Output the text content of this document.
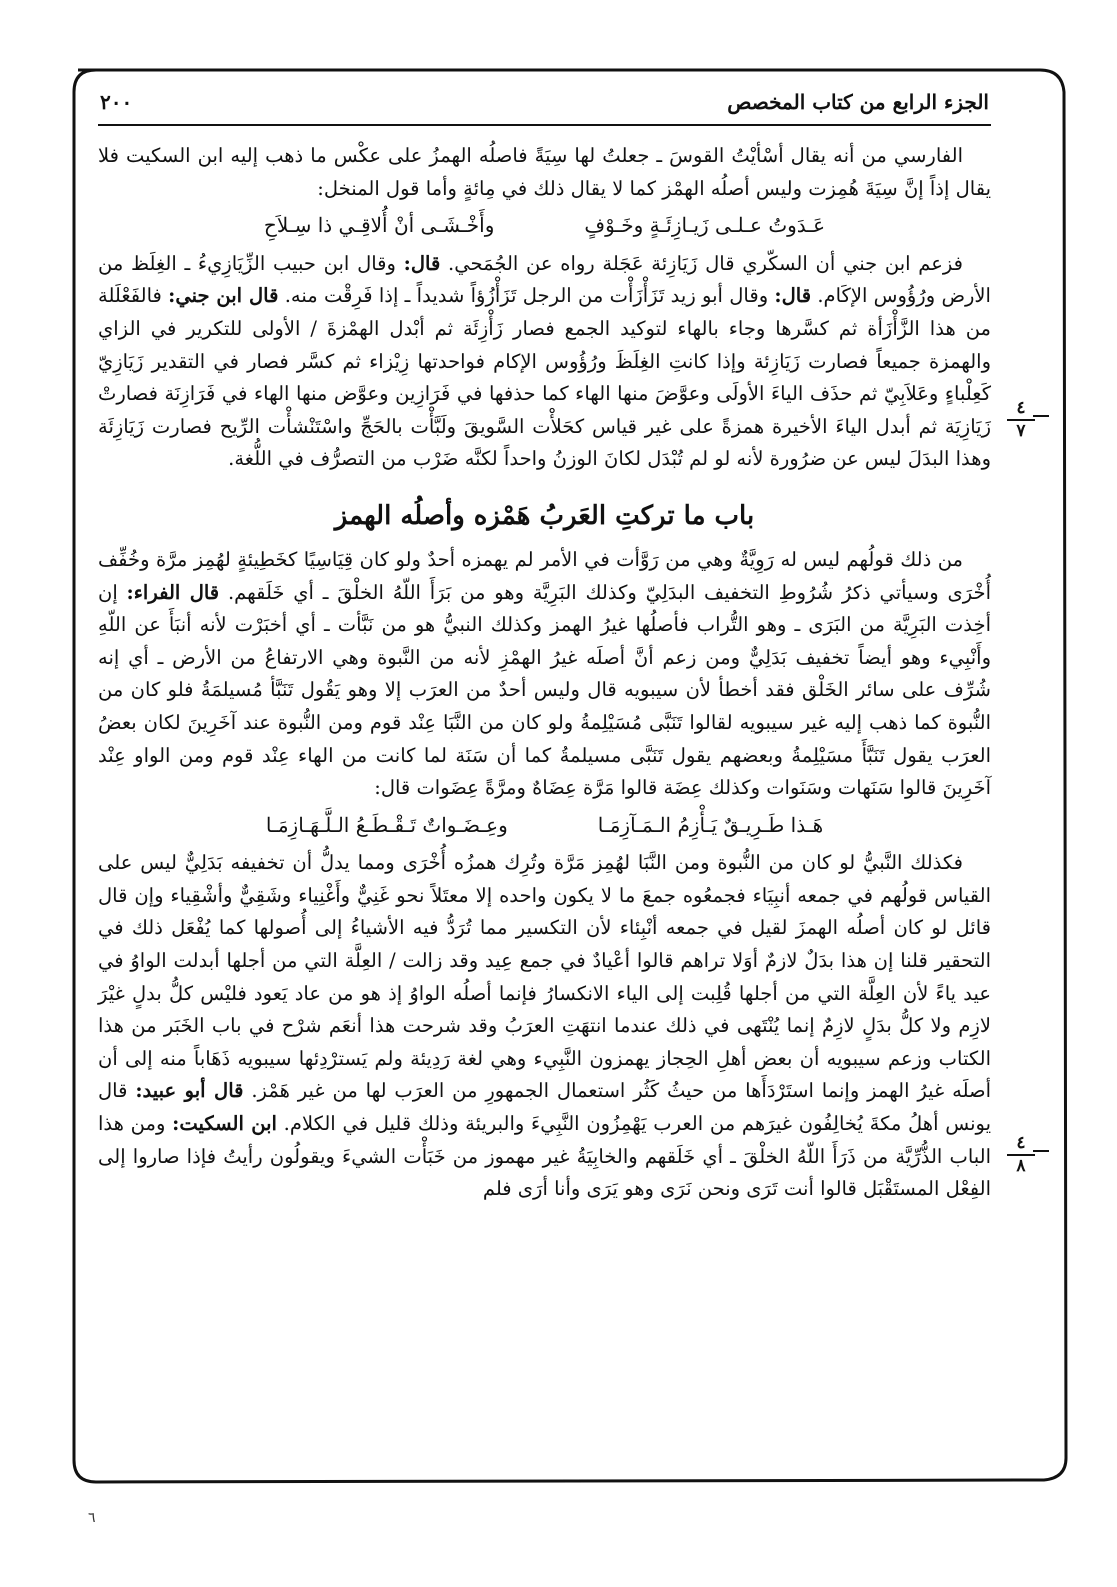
الجزء الرابع من كتاب المخصص
٢٠٠

الفارسي من أنه يقال أسْأيْتُ القوسَ ـ جعلتُ لها سِيَةً فاصلُه الهمزُ على عكْس ما ذهب إليه ابن السكيت فلا يقال إذاً إنَّ سِيَةَ هُمِزت وليس أصلُه الهمْز كما لا يقال ذلك في مِائةٍ وأما قول المنخل:

عَـدَوتُ عـلـى زَيـازِئَـةٍ وخَـوْفٍ
وأَخْـشَـى أنْ أُلاقِـي ذا سِـلاَحِ

فزعم ابن جني أن السكّري قال زَيَازِئة عَجَلة رواه عن الجُمَحي. قال: وقال ابن حبيب الزِّيَازِيءُ ـ الغِلَظ من الأرض ورُؤُوس الإكَام. قال: وقال أبو زيد تَزَأْزَأْت من الرجل تَزَأْزُؤاً شديداً ـ إذا فَرِقْت منه. قال ابن جني: فالفَعْلَلة من هذا الزَّأْزَأة ثم كسَّرها وجاء بالهاء لتوكيد الجمع فصار زَأْزِئَة ثم أبْدل الهمْزةَ / الأولى للتكرير في الزاي والهمزة جميعاً فصارت زَيَازِئة وإذا كانتِ الغِلَظَ ورُؤُوس الإكام فواحدتها زِيْزاء ثم كسَّر فصار في التقدير زَيَازِيّ كَعِلْباءٍ وعَلاَبِيّ ثم حذَف الياءَ الأولَى وعوَّضَ منها الهاء كما حذفها في فَرَازِين وعوَّض منها الهاء في فَرَازِنَة فصارتْ زَيَازِيَة ثم أبدل الياءَ الأخيرة همزةً على غير قياس كحَلأْت السَّويقَ ولَبَّأْت بالحَجِّ واسْتَنْشأْت الرِّيح فصارت زَيَازِئَة وهذا البدَلَ ليس عن ضرُورة لأنه لو لم تُبْدَل لكانَ الوزنُ واحداً لكنَّه ضَرْب من التصرُّف في اللُّغة.

باب ما تركتِ العَربُ هَمْزه وأصلُه الهمز

من ذلك قولُهم ليس له رَوِيَّةٌ وهي من رَوَّأت في الأمر لم يهمزه أحدٌ ولو كان قِيَاسِيًا كخَطِيئةٍ لهُمِز مرَّة وخُفِّف أُخْرَى وسيأتي ذكرُ شُرُوطِ التخفيف البدَلِيّ وكذلك البَرِيَّة وهو من بَرَأَ اللّهُ الخلْقَ ـ أي خَلَقهم. قال الفراء: إن أخِذت البَرِيَّة من البَرَى ـ وهو التُّراب فأصلُها غيرُ الهمز وكذلك النبيُّ هو من نَبَّأت ـ أي أخبَرْت لأنه أنبَأَ عن اللّهِ وأَنْبِيء وهو أيضاً تخفيف بَدَلِيٌّ ومن زعم أنَّ أصلَه غيرُ الهمْزِ لأنه من النَّبوة وهي الارتفاعُ من الأرض ـ أي إنه شُرِّف على سائر الخَلْق فقد أخطأ لأن سيبويه قال وليس أحدٌ من العرَب إلا وهو يَقُول تَنَبَّأ مُسيلمَةُ فلو كان من النُّبوة كما ذهب إليه غير سيبويه لقالوا تَنَبَّى مُسَيْلِمةُ ولو كان من النَّبَا عِنْد قوم ومن النُّبوة عند آخَرِينَ لكان بعضُ العرَب يقول تَنَبَّأَ مسَيْلِمةُ وبعضهم يقول تَنَبَّى مسيلمةُ كما أن سَنَة لما كانت من الهاء عِنْد قوم ومن الواو عِنْد آخَرِينَ قالوا سَنَهات وسَنَوات وكذلك عِضَة قالوا مَرَّة عِضَاهٌ ومرَّةً عِضَوات قال:

هَـذا طَـرِيـقٌ يَـأْزِمُ الـمَـآزِمَـا
وعِـضَـواتٌ تَـقْـطَـعُ الـلَّـهَـازِمَـا

فكذلك النَّبيُّ لو كان من النُّبوة ومن النَّبَا لهُمِز مَرَّة وتُرِك همزُه أُخْرَى ومما يدلُّ أن تخفيفه بَدَلِيٌّ ليس على القياس قولُهم في جمعه أنبِيَاء فجمعُوه جمعَ ما لا يكون واحده إلا معتَلاً نحو غَنِيٌّ وأَغْنِياء وشَقِيٌّ وأشْقِياء وإن قال قائل لو كان أصلُه الهمزَ لقيل في جمعه أنْبِئاء لأن التكسير مما تُرَدُّ فيه الأشياءُ إلى أُصولها كما يُفْعَل ذلك في التحقير قلنا إن هذا بدَلٌ لازمٌ أوَلا تراهم قالوا أعْيادٌ في جمع عِيد وقد زالت / العِلَّة التي من أجلها أبدلت الواوُ في عيد ياءً لأن العِلَّة التي من أجلها قُلِبت إلى الياء الانكسارُ فإنما أصلُه الواوُ إذ هو من عاد يَعود فليْس كلُّ بدلٍ غيْرَ لازِم ولا كلُّ بدَلٍ لازِمٌ إنما يُنْتَهى في ذلك عندما انتهَتِ العرَبُ وقد شرحت هذا أنعَم شرْح في باب الخَبَر من هذا الكتاب وزعم سيبويه أن بعض أهلِ الحِجاز يهمزون النَّبِيء وهي لغة رَدِيئة ولم يَسترْدِئها سيبويه ذَهَاباً منه إلى أن أصلَه غيرُ الهمز وإنما استَرْدَأَها من حيثُ كَثُر استعمال الجمهورِ من العرَب لها من غير هَمْز. قال أبو عبيد: قال يونس أهلُ مكةَ يُخالِفُون غيرَهم من العرب يَهْمِزُون النَّبِيءَ والبريئة وذلك قليل في الكلام. ابن السكيت: ومن هذا الباب الذُّرِّيَّة من ذَرَأَ اللّهُ الخلْقَ ـ أي خَلَقهم والخابِيَةُ غير مهموز من خَبَأْت الشيءَ ويقولُون رأيتُ فإذا صاروا إلى الفِعْل المستَقْبَل قالوا أنت تَرَى ونحن نَرَى وهو يَرَى وأنا أرَى فلم

٤
٧
٤
٨
٦
